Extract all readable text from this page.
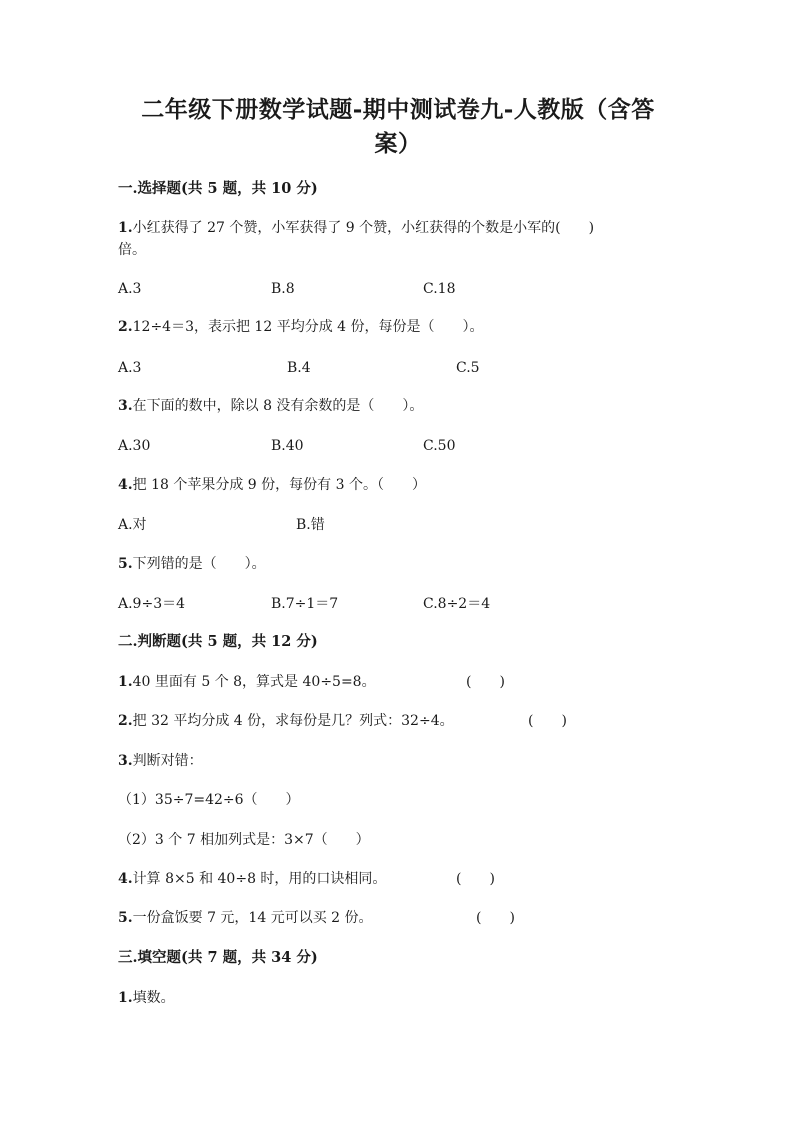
二年级下册数学试题-期中测试卷九-人教版（含答
案）
一.选择题(共 5 题，共 10 分)
1.小红获得了 27 个赞，小军获得了 9 个赞，小红获得的个数是小军的(　　)
倍。
A.3	B.8	C.18
2.12÷4＝3，表示把 12 平均分成 4 份，每份是（　　）。
A.3	B.4	C.5
3.在下面的数中，除以 8 没有余数的是（　　）。
A.30	B.40	C.50
4.把 18 个苹果分成 9 份，每份有 3 个。（　　）
A.对	B.错
5.下列错的是（　　）。
A.9÷3＝4	B.7÷1＝7	C.8÷2＝4
二.判断题(共 5 题，共 12 分)
1.40 里面有 5 个 8，算式是 40÷5=8。	(　　)
2.把 32 平均分成 4 份，求每份是几？列式：32÷4。	(　　)
3.判断对错：
（1）35÷7=42÷6（　　）
（2）3 个 7 相加列式是：3×7（　　）
4.计算 8×5 和 40÷8 时，用的口诀相同。	(　　)
5.一份盒饭要 7 元，14 元可以买 2 份。	(　　)
三.填空题(共 7 题，共 34 分)
1.填数。
